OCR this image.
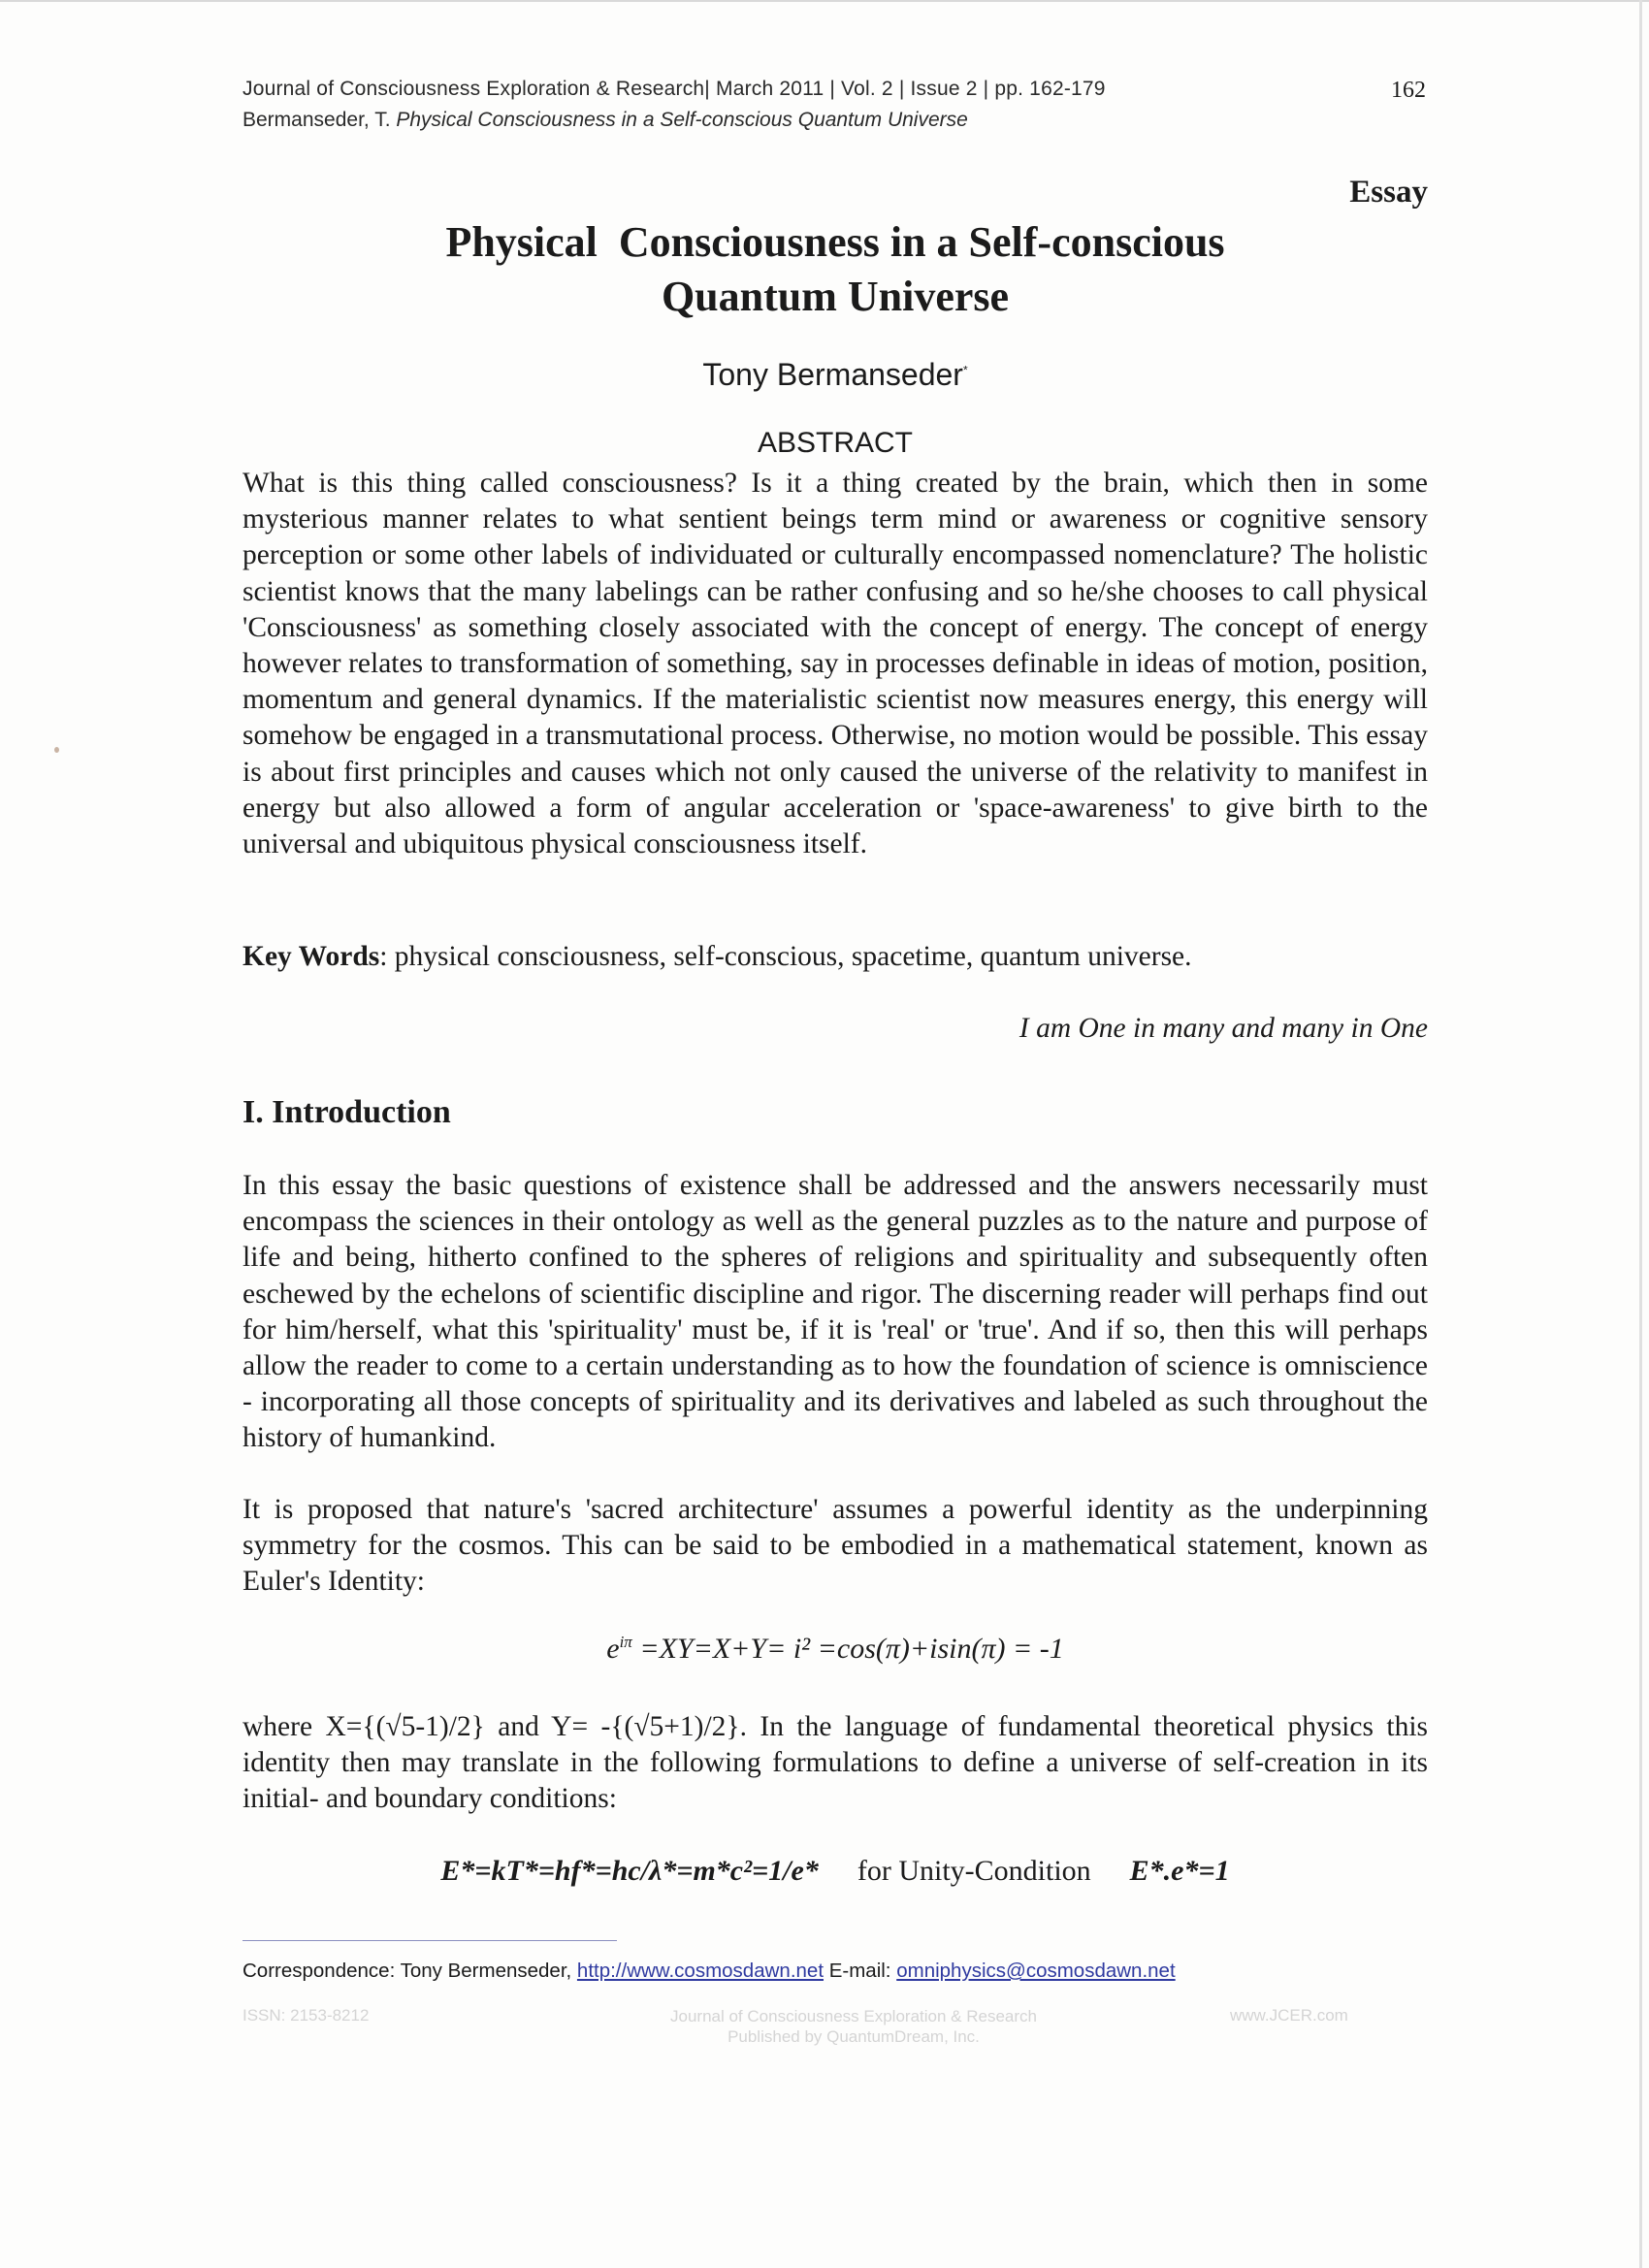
Journal of Consciousness Exploration & Research| March 2011 | Vol. 2 | Issue 2 | pp. 162-179
Bermanseder, T. Physical Consciousness in a Self-conscious Quantum Universe
162
Essay
Physical  Consciousness in a Self-conscious
Quantum Universe
Tony Bermanseder*
ABSTRACT
What is this thing called consciousness? Is it a thing created by the brain, which then in some mysterious manner relates to what sentient beings term mind or awareness or cognitive sensory perception or some other labels of individuated or culturally encompassed nomenclature? The holistic scientist knows that the many labelings can be rather confusing and so he/she chooses to call physical 'Consciousness' as something closely associated with the concept of energy. The concept of energy however relates to transformation of something, say in processes definable in ideas of motion, position, momentum and general dynamics. If the materialistic scientist now measures energy, this energy will somehow be engaged in a transmutational process. Otherwise, no motion would be possible. This essay is about first principles and causes which not only caused the universe of the relativity to manifest in energy but also allowed a form of angular acceleration or 'space-awareness' to give birth to the universal and ubiquitous physical consciousness itself.
Key Words: physical consciousness, self-conscious, spacetime, quantum universe.
I am One in many and many in One
I. Introduction
In this essay the basic questions of existence shall be addressed and the answers necessarily must encompass the sciences in their ontology as well as the general puzzles as to the nature and purpose of life and being, hitherto confined to the spheres of religions and spirituality and subsequently often eschewed by the echelons of scientific discipline and rigor. The discerning reader will perhaps find out for him/herself, what this 'spirituality' must be, if it is 'real' or 'true'. And if so, then this will perhaps allow the reader to come to a certain understanding as to how the foundation of science is omniscience - incorporating all those concepts of spirituality and its derivatives and labeled as such throughout the history of humankind.
It is proposed that nature's 'sacred architecture' assumes a powerful identity as the underpinning symmetry for the cosmos. This can be said to be embodied in a mathematical statement, known as Euler's Identity:
$e^{i\pi} =XY=X+Y= i^2 =\cos(\pi)+isin(\pi) = -1$
where X={(√5-1)/2} and Y= -{(√5+1)/2}. In the language of fundamental theoretical physics this identity then may translate in the following formulations to define a universe of self-creation in its initial- and boundary conditions:
E*=kT*=hf*=hc/λ*=m*c²=1/e* for Unity-Condition E*.e*=1
Correspondence: Tony Bermenseder, http://www.cosmosdawn.net E-mail: omniphysics@cosmosdawn.net
ISSN: 2153-8212	Journal of Consciousness Exploration & Research
Published by QuantumDream, Inc.
www.JCER.com
